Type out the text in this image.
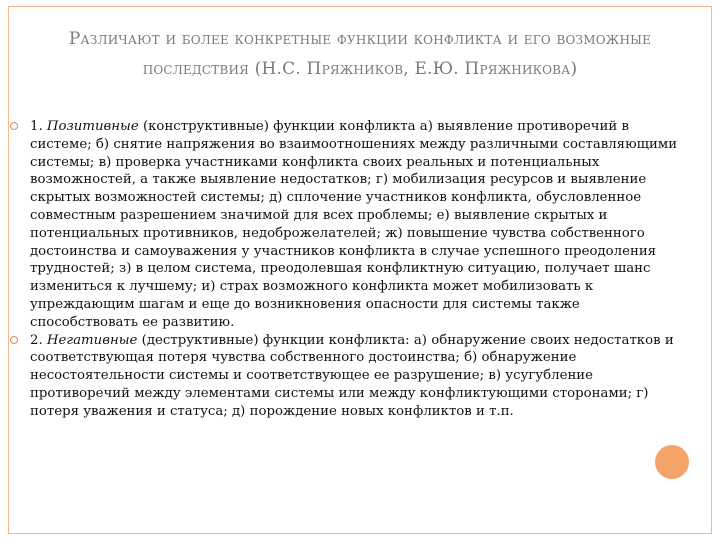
Различают и более конкретные функции конфликта и его возможные последствия (Н.С. Пряжников, Е.Ю. Пряжникова)
1. Позитивные (конструктивные) функции конфликта а) выявление противоречий в системе; б) снятие напряжения во взаимоотношениях между различными составляющими системы; в) проверка участниками конфликта своих реальных и потенциальных возможностей, а также выявление недостатков; г) мобилизация ресурсов и выявление скрытых возможностей системы; д) сплочение участников конфликта, обусловленное совместным разрешением значимой для всех проблемы; е) выявление скрытых и потенциальных противников, недоброжелателей; ж) повышение чувства собственного достоинства и самоуважения у участников конфликта в случае успешного преодоления трудностей; з) в целом система, преодолевшая конфликтную ситуацию, получает шанс измениться к лучшему; и) страх возможного конфликта может мобилизовать к упреждающим шагам и еще до возникновения опасности для системы также способствовать ее развитию.
2. Негативные (деструктивные) функции конфликта: а) обнаружение своих недостатков и соответствующая потеря чувства собственного достоинства; б) обнаружение несостоятельности системы и соответствующее ее разрушение; в) усугубление противоречий между элементами системы или между конфликтующими сторонами; г) потеря уважения и статуса; д) порождение новых конфликтов и т.п.
